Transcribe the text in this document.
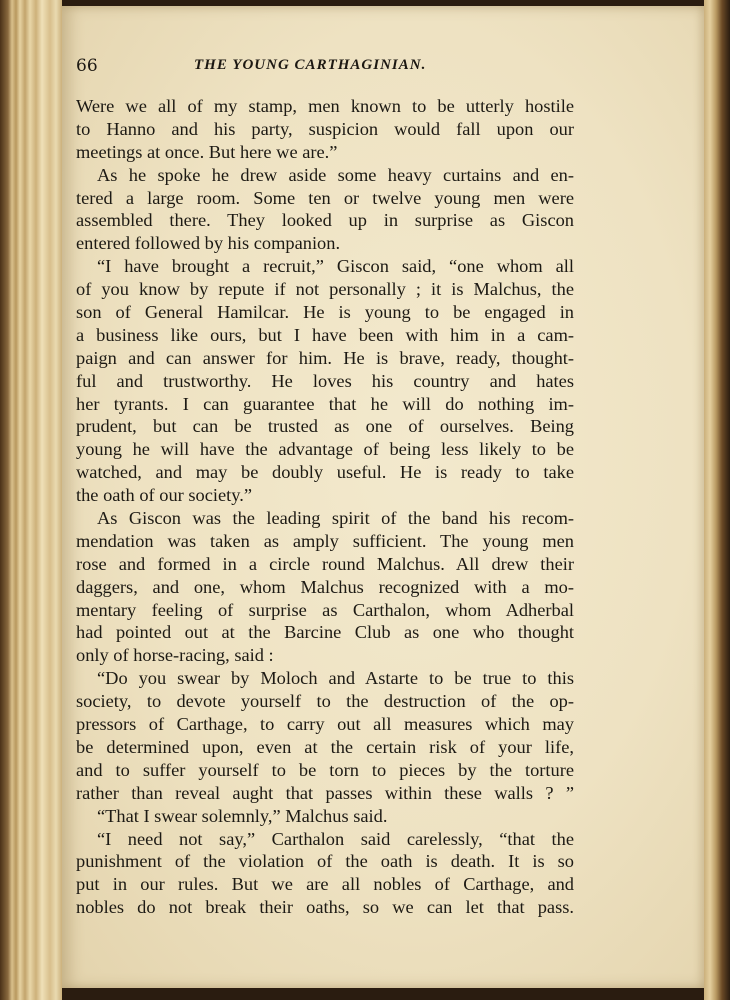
66	THE YOUNG CARTHAGINIAN.
Were we all of my stamp, men known to be utterly hostile
to Hanno and his party, suspicion would fall upon our
meetings at once. But here we are.”
As he spoke he drew aside some heavy curtains and en-
tered a large room. Some ten or twelve young men were
assembled there. They looked up in surprise as Giscon
entered followed by his companion.
“I have brought a recruit,” Giscon said, “one whom all
of you know by repute if not personally ; it is Malchus, the
son of General Hamilcar. He is young to be engaged in
a business like ours, but I have been with him in a cam-
paign and can answer for him. He is brave, ready, thought-
ful and trustworthy. He loves his country and hates
her tyrants. I can guarantee that he will do nothing im-
prudent, but can be trusted as one of ourselves. Being
young he will have the advantage of being less likely to be
watched, and may be doubly useful. He is ready to take
the oath of our society.”
As Giscon was the leading spirit of the band his recom-
mendation was taken as amply sufficient. The young men
rose and formed in a circle round Malchus. All drew their
daggers, and one, whom Malchus recognized with a mo-
mentary feeling of surprise as Carthalon, whom Adherbal
had pointed out at the Barcine Club as one who thought
only of horse-racing, said :
“Do you swear by Moloch and Astarte to be true to this
society, to devote yourself to the destruction of the op-
pressors of Carthage, to carry out all measures which may
be determined upon, even at the certain risk of your life,
and to suffer yourself to be torn to pieces by the torture
rather than reveal aught that passes within these walls ? ”
“That I swear solemnly,” Malchus said.
“I need not say,” Carthalon said carelessly, “that the
punishment of the violation of the oath is death. It is so
put in our rules. But we are all nobles of Carthage, and
nobles do not break their oaths, so we can let that pass.
